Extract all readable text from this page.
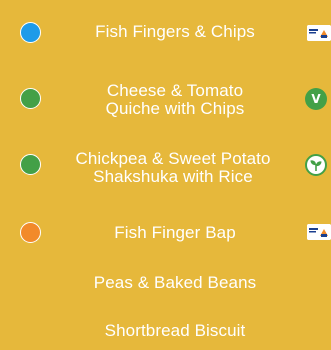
Fish Fingers & Chips
Cheese & Tomato
Quiche with Chips	V
Chickpea & Sweet Potato
Shakshuka with Rice
Fish Finger Bap
Peas & Baked Beans
Shortbread Biscuit
